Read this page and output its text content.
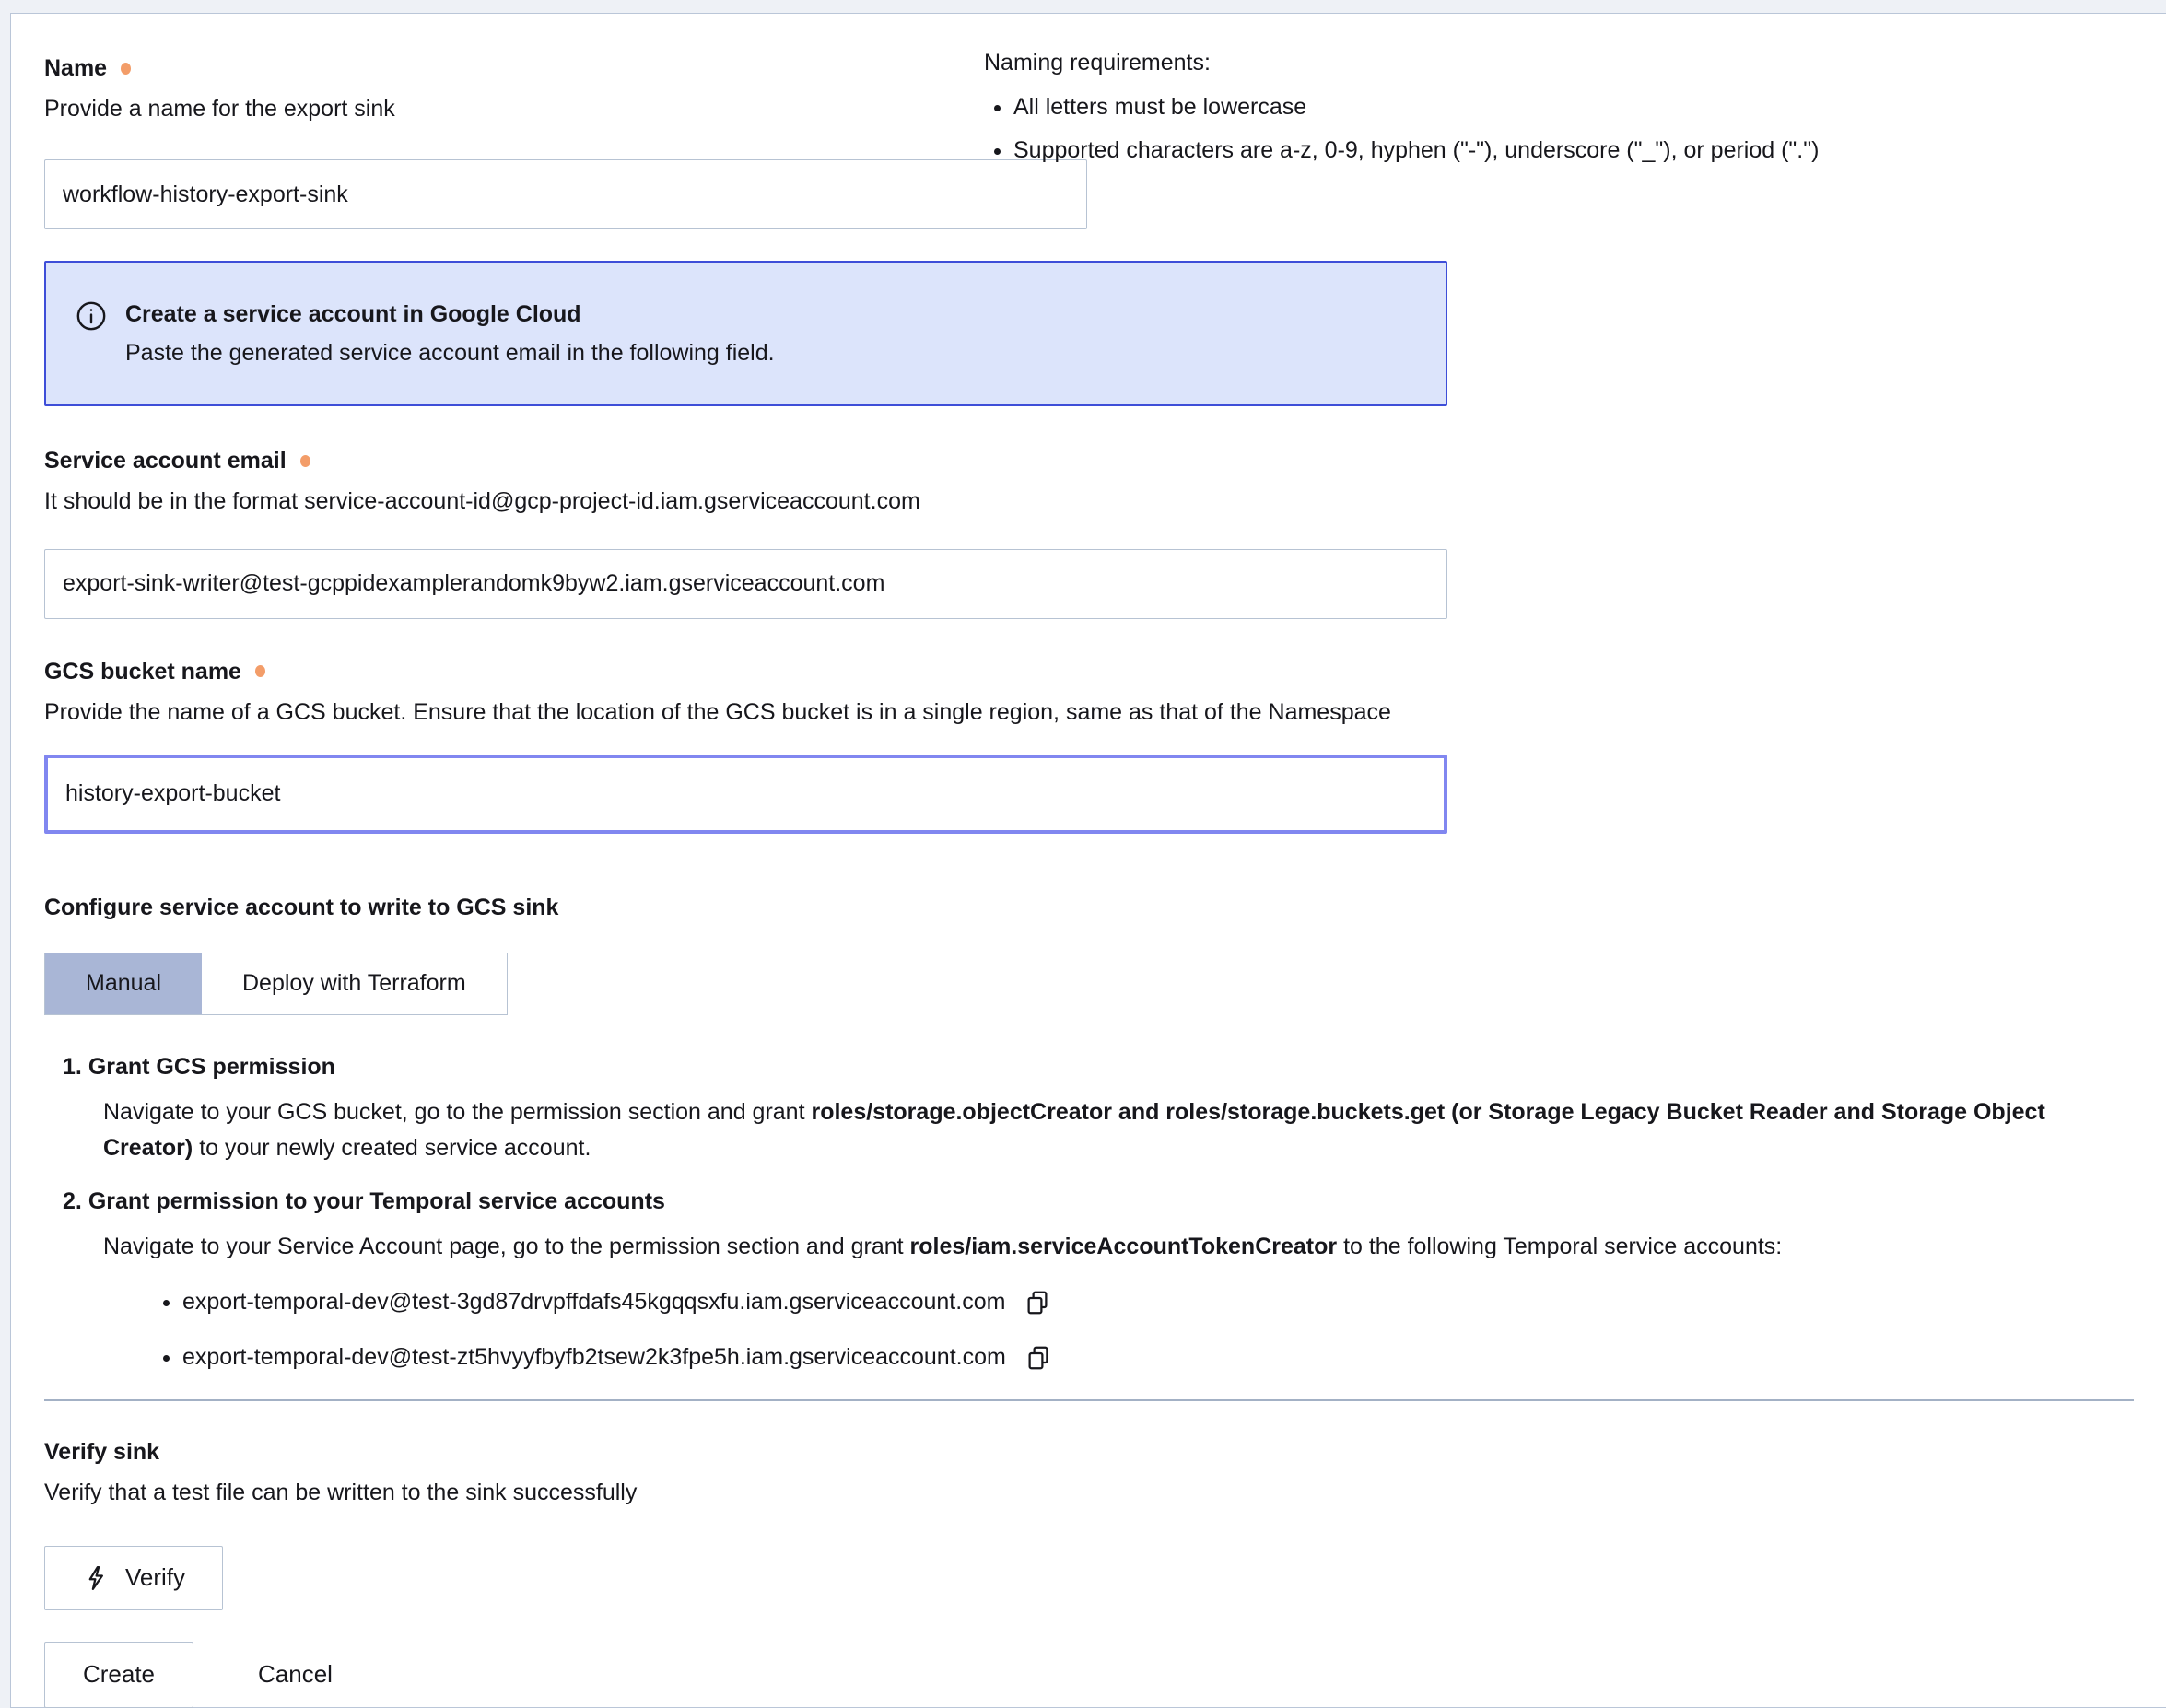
Name
Provide a name for the export sink
Naming requirements:
• All letters must be lowercase
• Supported characters are a-z, 0-9, hyphen ("-"), underscore ("_"), or period (".")
workflow-history-export-sink
Create a service account in Google Cloud
Paste the generated service account email in the following field.
Service account email
It should be in the format service-account-id@gcp-project-id.iam.gserviceaccount.com
export-sink-writer@test-gcppidexamplerandomk9byw2.iam.gserviceaccount.com
GCS bucket name
Provide the name of a GCS bucket. Ensure that the location of the GCS bucket is in a single region, same as that of the Namespace
history-export-bucket
Configure service account to write to GCS sink
Manual	Deploy with Terraform
1. Grant GCS permission
Navigate to your GCS bucket, go to the permission section and grant roles/storage.objectCreator and roles/storage.buckets.get (or Storage Legacy Bucket Reader and Storage Object Creator) to your newly created service account.
2. Grant permission to your Temporal service accounts
Navigate to your Service Account page, go to the permission section and grant roles/iam.serviceAccountTokenCreator to the following Temporal service accounts:
• export-temporal-dev@test-3gd87drvpffdafs45kgqqsxfu.iam.gserviceaccount.com
• export-temporal-dev@test-zt5hvyyfbyfb2tsew2k3fpe5h.iam.gserviceaccount.com
Verify sink
Verify that a test file can be written to the sink successfully
Verify
Create	Cancel
